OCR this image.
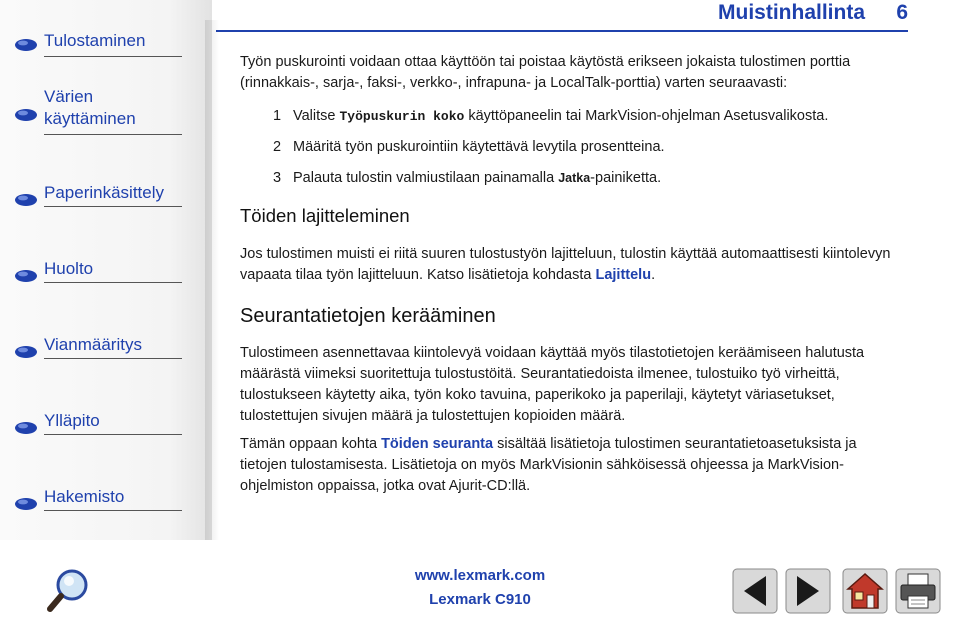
Muistinhallinta 6
Tulostaminen
Värien
käyttäminen
Paperinkäsittely
Huolto
Vianmääritys
Ylläpito
Hakemisto

Työn puskurointi voidaan ottaa käyttöön tai poistaa käytöstä erikseen jokaista tulostimen porttia (rinnakkais-, sarja-, faksi-, verkko-, infrapuna- ja LocalTalk-porttia) varten seuraavasti:

1 Valitse Työpuskurin koko käyttöpaneelin tai MarkVision-ohjelman Asetusvalikosta.
2 Määritä työn puskurointiin käytettävä levytila prosentteina.
3 Palauta tulostin valmiustilaan painamalla Jatka-painiketta.
Töiden lajitteleminen

Jos tulostimen muisti ei riitä suuren tulostustyön lajitteluun, tulostin käyttää automaattisesti kiintolevyn vapaata tilaa työn lajitteluun. Katso lisätietoja kohdasta Lajittelu.

Seurantatietojen kerääminen

Tulostimeen asennettavaa kiintolevyä voidaan käyttää myös tilastotietojen keräämiseen halutusta määrästä viimeksi suoritettuja tulostustöitä. Seurantatiedoista ilmenee, tulostuiko työ virheittä, tulostukseen käytetty aika, työn koko tavuina, paperikoko ja paperilaji, käytetyt väriasetukset, tulostettujen sivujen määrä ja tulostettujen kopioiden määrä.

Tämän oppaan kohta Töiden seuranta sisältää lisätietoja tulostimen seurantatietoasetuksista ja tietojen tulostamisesta. Lisätietoja on myös MarkVisionin sähköisessä ohjeessa ja MarkVision-ohjelmiston oppaissa, jotka ovat Ajurit-CD:llä.

www.lexmark.com
Lexmark C910
